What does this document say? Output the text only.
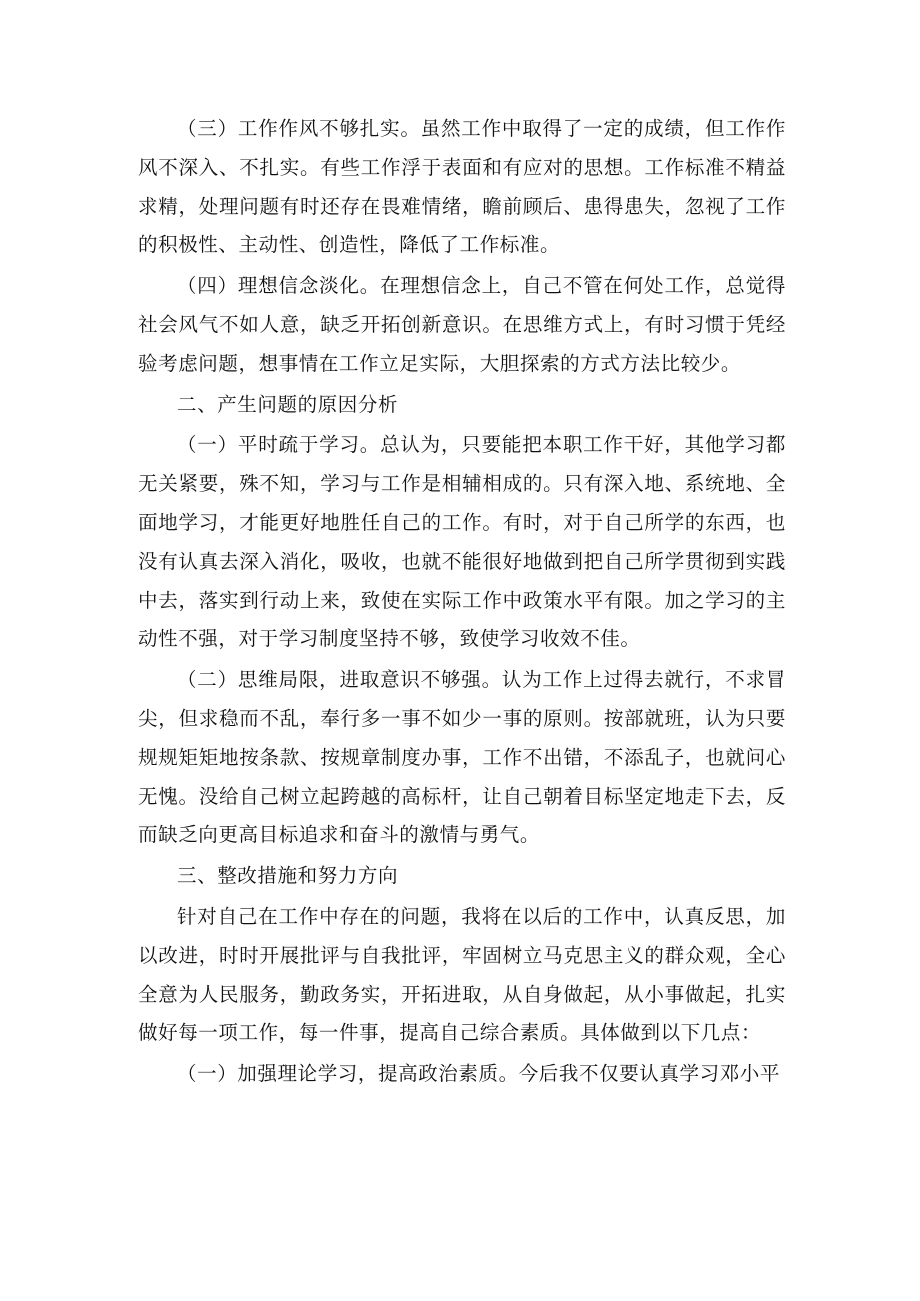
（三）工作作风不够扎实。虽然工作中取得了一定的成绩，但工作作风不深入、不扎实。有些工作浮于表面和有应对的思想。工作标准不精益求精，处理问题有时还存在畏难情绪，瞻前顾后、患得患失，忽视了工作的积极性、主动性、创造性，降低了工作标准。

（四）理想信念淡化。在理想信念上，自己不管在何处工作，总觉得社会风气不如人意，缺乏开拓创新意识。在思维方式上，有时习惯于凭经验考虑问题，想事情在工作立足实际，大胆探索的方式方法比较少。

二、产生问题的原因分析

（一）平时疏于学习。总认为，只要能把本职工作干好，其他学习都无关紧要，殊不知，学习与工作是相辅相成的。只有深入地、系统地、全面地学习，才能更好地胜任自己的工作。有时，对于自己所学的东西，也没有认真去深入消化，吸收，也就不能很好地做到把自己所学贯彻到实践中去，落实到行动上来，致使在实际工作中政策水平有限。加之学习的主动性不强，对于学习制度坚持不够，致使学习收效不佳。

（二）思维局限，进取意识不够强。认为工作上过得去就行，不求冒尖，但求稳而不乱，奉行多一事不如少一事的原则。按部就班，认为只要规规矩矩地按条款、按规章制度办事，工作不出错，不添乱子，也就问心无愧。没给自己树立起跨越的高标杆，让自己朝着目标坚定地走下去，反而缺乏向更高目标追求和奋斗的激情与勇气。

三、整改措施和努力方向

针对自己在工作中存在的问题，我将在以后的工作中，认真反思，加以改进，时时开展批评与自我批评，牢固树立马克思主义的群众观，全心全意为人民服务，勤政务实，开拓进取，从自身做起，从小事做起，扎实做好每一项工作，每一件事，提高自己综合素质。具体做到以下几点：

（一）加强理论学习，提高政治素质。今后我不仅要认真学习邓小平
